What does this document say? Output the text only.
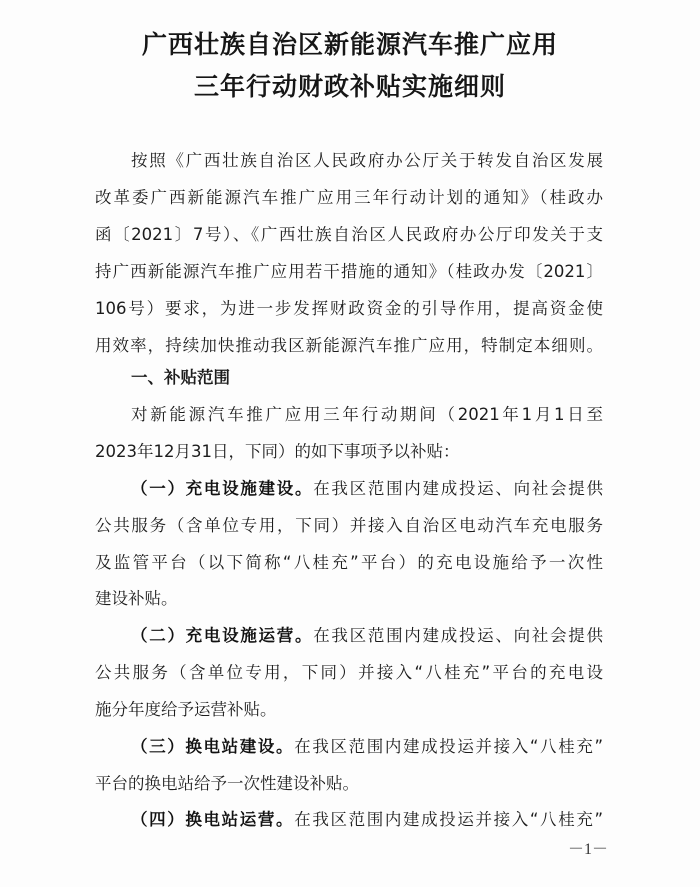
广西壮族自治区新能源汽车推广应用
三年行动财政补贴实施细则
按照《广西壮族自治区人民政府办公厅关于转发自治区发展
改革委广西新能源汽车推广应用三年行动计划的通知》（桂政办
函〔2021〕7号）、《广西壮族自治区人民政府办公厅印发关于支
持广西新能源汽车推广应用若干措施的通知》（桂政办发〔2021〕
106号）要求，为进一步发挥财政资金的引导作用，提高资金使
用效率，持续加快推动我区新能源汽车推广应用，特制定本细则。
一、补贴范围
对新能源汽车推广应用三年行动期间（2021年1月1日至
2023年12月31日，下同）的如下事项予以补贴：
（一）充电设施建设。在我区范围内建成投运、向社会提供
公共服务（含单位专用，下同）并接入自治区电动汽车充电服务
及监管平台（以下简称“八桂充”平台）的充电设施给予一次性
建设补贴。
（二）充电设施运营。在我区范围内建成投运、向社会提供
公共服务（含单位专用，下同）并接入“八桂充”平台的充电设
施分年度给予运营补贴。
（三）换电站建设。在我区范围内建成投运并接入“八桂充”
平台的换电站给予一次性建设补贴。
（四）换电站运营。在我区范围内建成投运并接入“八桂充”
－1－
